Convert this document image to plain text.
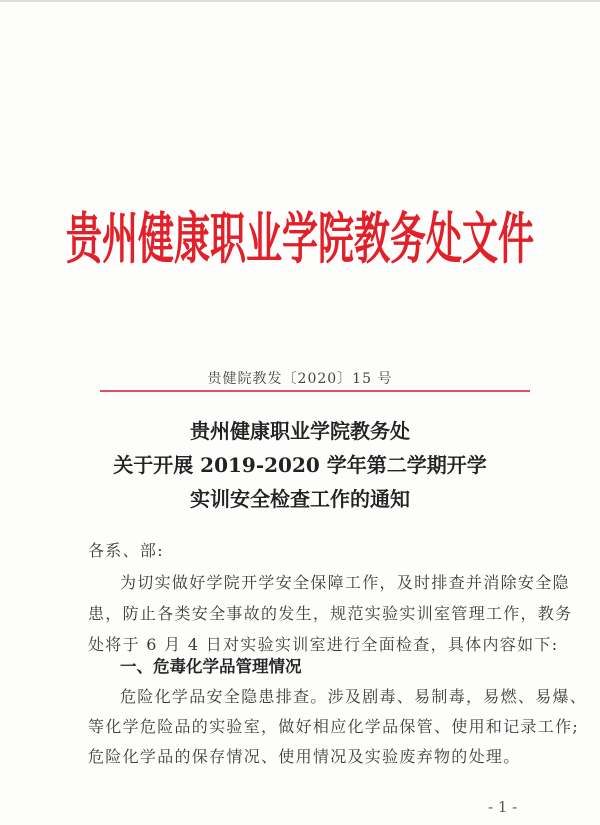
贵州健康职业学院教务处文件
贵健院教发〔2020〕15 号
贵州健康职业学院教务处
关于开展 2019-2020 学年第二学期开学
实训安全检查工作的通知
各系、部:
为切实做好学院开学安全保障工作，及时排查并消除安全隐
患，防止各类安全事故的发生，规范实验实训室管理工作，教务
处将于 6 月 4 日对实验实训室进行全面检查，具体内容如下:
一、危毒化学品管理情况
危险化学品安全隐患排查。涉及剧毒、易制毒，易燃、易爆、
等化学危险品的实验室，做好相应化学品保管、使用和记录工作;
危险化学品的保存情况、使用情况及实验废弃物的处理。
- 1 -
